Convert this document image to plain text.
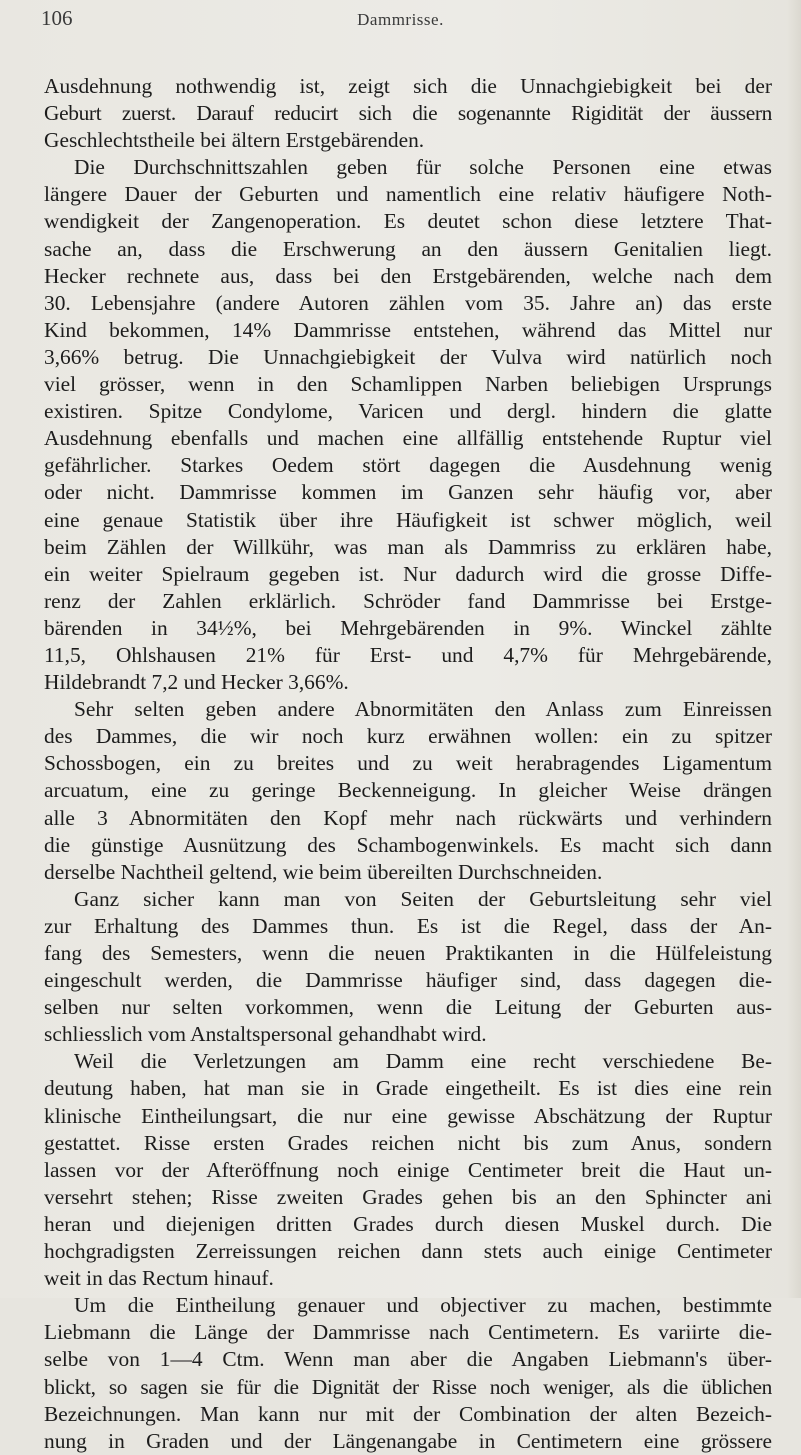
106	Dammrisse.
Ausdehnung nothwendig ist, zeigt sich die Unnachgiebigkeit bei der
Geburt zuerst. Darauf reducirt sich die sogenannte Rigidität der äussern
Geschlechtstheile bei ältern Erstgebärenden.
Die Durchschnittszahlen geben für solche Personen eine etwas
längere Dauer der Geburten und namentlich eine relativ häufigere Noth-
wendigkeit der Zangenoperation. Es deutet schon diese letztere That-
sache an, dass die Erschwerung an den äussern Genitalien liegt.
Hecker rechnete aus, dass bei den Erstgebärenden, welche nach dem
30. Lebensjahre (andere Autoren zählen vom 35. Jahre an) das erste
Kind bekommen, 14% Dammrisse entstehen, während das Mittel nur
3,66% betrug. Die Unnachgiebigkeit der Vulva wird natürlich noch
viel grösser, wenn in den Schamlippen Narben beliebigen Ursprungs
existiren. Spitze Condylome, Varicen und dergl. hindern die glatte
Ausdehnung ebenfalls und machen eine allfällig entstehende Ruptur viel
gefährlicher. Starkes Oedem stört dagegen die Ausdehnung wenig
oder nicht. Dammrisse kommen im Ganzen sehr häufig vor, aber
eine genaue Statistik über ihre Häufigkeit ist schwer möglich, weil
beim Zählen der Willkühr, was man als Dammriss zu erklären habe,
ein weiter Spielraum gegeben ist. Nur dadurch wird die grosse Diffe-
renz der Zahlen erklärlich. Schröder fand Dammrisse bei Erstge-
bärenden in 34½%, bei Mehrgebärenden in 9%. Winckel zählte
11,5, Ohlshausen 21% für Erst- und 4,7% für Mehrgebärende,
Hildebrandt 7,2 und Hecker 3,66%.
Sehr selten geben andere Abnormitäten den Anlass zum Einreissen
des Dammes, die wir noch kurz erwähnen wollen: ein zu spitzer
Schossbogen, ein zu breites und zu weit herabragendes Ligamentum
arcuatum, eine zu geringe Beckenneigung. In gleicher Weise drängen
alle 3 Abnormitäten den Kopf mehr nach rückwärts und verhindern
die günstige Ausnützung des Schambogenwinkels. Es macht sich dann
derselbe Nachtheil geltend, wie beim übereilten Durchschneiden.
Ganz sicher kann man von Seiten der Geburtsleitung sehr viel
zur Erhaltung des Dammes thun. Es ist die Regel, dass der An-
fang des Semesters, wenn die neuen Praktikanten in die Hülfeleistung
eingeschult werden, die Dammrisse häufiger sind, dass dagegen die-
selben nur selten vorkommen, wenn die Leitung der Geburten aus-
schliesslich vom Anstaltspersonal gehandhabt wird.
Weil die Verletzungen am Damm eine recht verschiedene Be-
deutung haben, hat man sie in Grade eingetheilt. Es ist dies eine rein
klinische Eintheilungsart, die nur eine gewisse Abschätzung der Ruptur
gestattet. Risse ersten Grades reichen nicht bis zum Anus, sondern
lassen vor der Afteröffnung noch einige Centimeter breit die Haut un-
versehrt stehen; Risse zweiten Grades gehen bis an den Sphincter ani
heran und diejenigen dritten Grades durch diesen Muskel durch. Die
hochgradigsten Zerreissungen reichen dann stets auch einige Centimeter
weit in das Rectum hinauf.
Um die Eintheilung genauer und objectiver zu machen, bestimmte
Liebmann die Länge der Dammrisse nach Centimetern. Es variirte die-
selbe von 1—4 Ctm. Wenn man aber die Angaben Liebmann's über-
blickt, so sagen sie für die Dignität der Risse noch weniger, als die üblichen
Bezeichnungen. Man kann nur mit der Combination der alten Bezeich-
nung in Graden und der Längenangabe in Centimetern eine grössere
